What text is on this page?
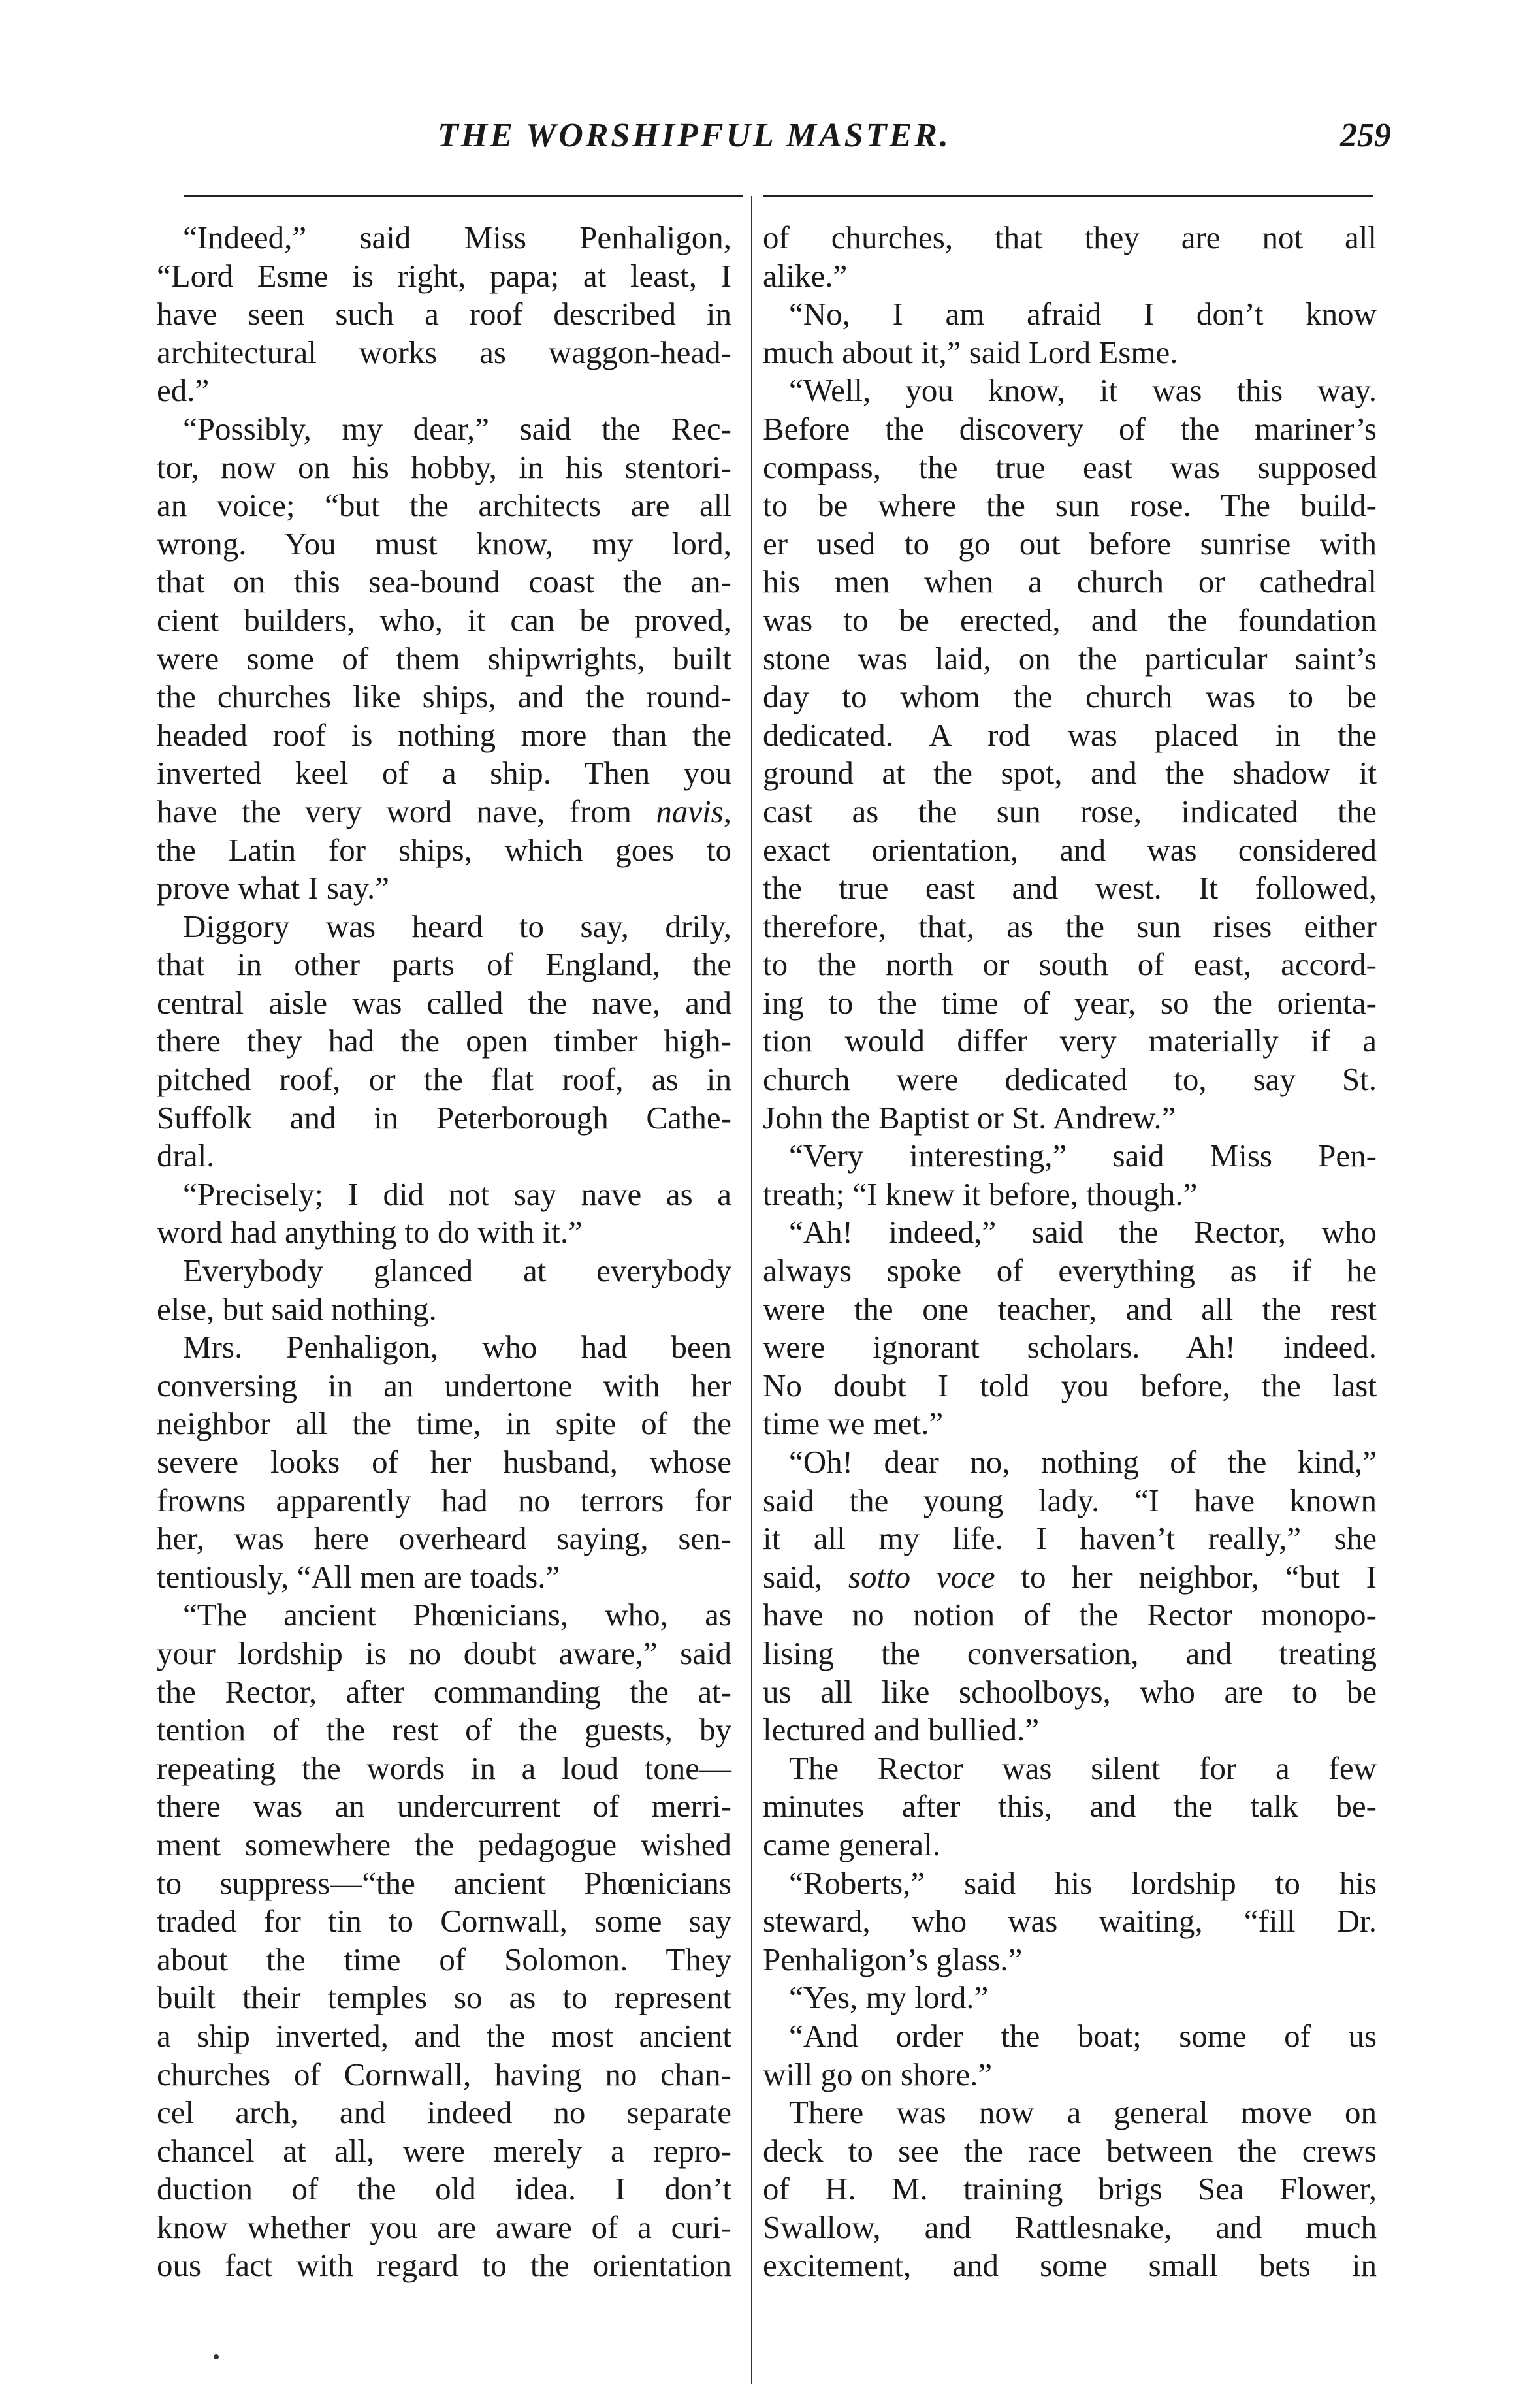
THE WORSHIPFUL MASTER.	259
“Indeed,” said Miss Penhaligon,
“Lord Esme is right, papa; at least, I
have seen such a roof described in
architectural works as waggon-head-
ed.”
“Possibly, my dear,” said the Rec-
tor, now on his hobby, in his stentori-
an voice; “but the architects are all
wrong. You must know, my lord,
that on this sea-bound coast the an-
cient builders, who, it can be proved,
were some of them shipwrights, built
the churches like ships, and the round-
headed roof is nothing more than the
inverted keel of a ship. Then you
have the very word nave, from navis,
the Latin for ships, which goes to
prove what I say.”
Diggory was heard to say, drily,
that in other parts of England, the
central aisle was called the nave, and
there they had the open timber high-
pitched roof, or the flat roof, as in
Suffolk and in Peterborough Cathe-
dral.
“Precisely; I did not say nave as a
word had anything to do with it.”
Everybody glanced at everybody
else, but said nothing.
Mrs. Penhaligon, who had been
conversing in an undertone with her
neighbor all the time, in spite of the
severe looks of her husband, whose
frowns apparently had no terrors for
her, was here overheard saying, sen-
tentiously, “All men are toads.”
“The ancient Phœnicians, who, as
your lordship is no doubt aware,” said
the Rector, after commanding the at-
tention of the rest of the guests, by
repeating the words in a loud tone—
there was an undercurrent of merri-
ment somewhere the pedagogue wished
to suppress—“the ancient Phœnicians
traded for tin to Cornwall, some say
about the time of Solomon. They
built their temples so as to represent
a ship inverted, and the most ancient
churches of Cornwall, having no chan-
cel arch, and indeed no separate
chancel at all, were merely a repro-
duction of the old idea. I don’t
know whether you are aware of a curi-
ous fact with regard to the orientation
of churches, that they are not all
alike.”
“No, I am afraid I don’t know
much about it,” said Lord Esme.
“Well, you know, it was this way.
Before the discovery of the mariner’s
compass, the true east was supposed
to be where the sun rose. The build-
er used to go out before sunrise with
his men when a church or cathedral
was to be erected, and the foundation
stone was laid, on the particular saint’s
day to whom the church was to be
dedicated. A rod was placed in the
ground at the spot, and the shadow it
cast as the sun rose, indicated the
exact orientation, and was considered
the true east and west. It followed,
therefore, that, as the sun rises either
to the north or south of east, accord-
ing to the time of year, so the orienta-
tion would differ very materially if a
church were dedicated to, say St.
John the Baptist or St. Andrew.”
“Very interesting,” said Miss Pen-
treath; “I knew it before, though.”
“Ah! indeed,” said the Rector, who
always spoke of everything as if he
were the one teacher, and all the rest
were ignorant scholars. Ah! indeed.
No doubt I told you before, the last
time we met.”
“Oh! dear no, nothing of the kind,”
said the young lady. “I have known
it all my life. I haven’t really,” she
said, sotto voce to her neighbor, “but I
have no notion of the Rector monopo-
lising the conversation, and treating
us all like schoolboys, who are to be
lectured and bullied.”
The Rector was silent for a few
minutes after this, and the talk be-
came general.
“Roberts,” said his lordship to his
steward, who was waiting, “fill Dr.
Penhaligon’s glass.”
“Yes, my lord.”
“And order the boat; some of us
will go on shore.”
There was now a general move on
deck to see the race between the crews
of H. M. training brigs Sea Flower,
Swallow, and Rattlesnake, and much
excitement, and some small bets in
